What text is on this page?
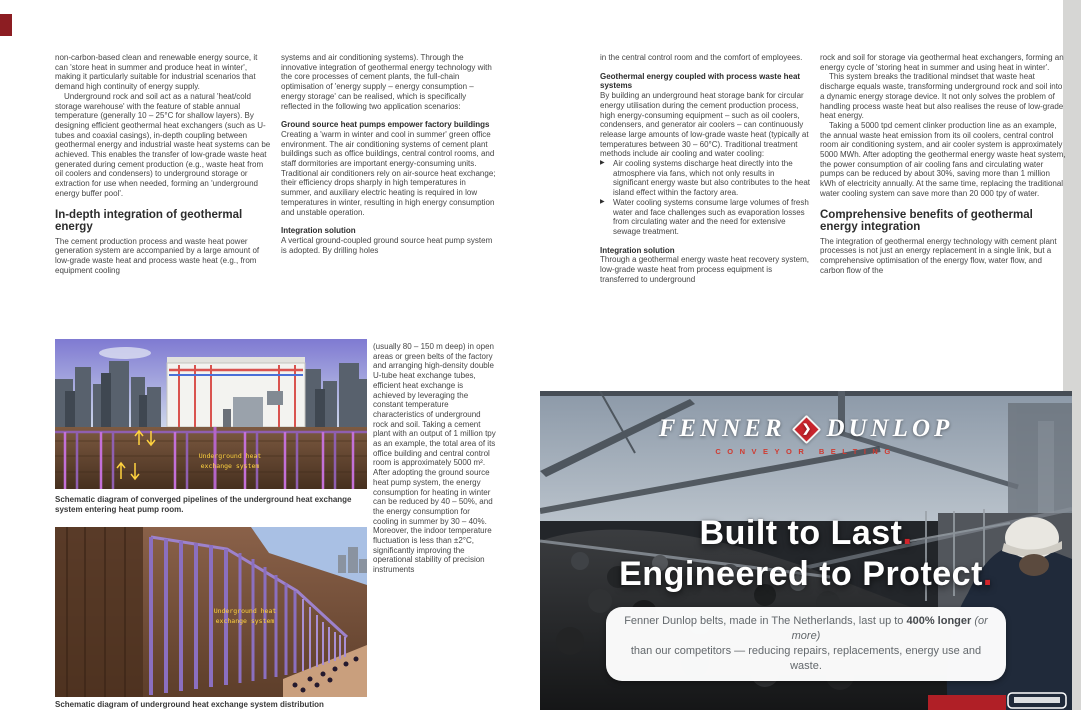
non-carbon-based clean and renewable energy source, it can 'store heat in summer and produce heat in winter', making it particularly suitable for industrial scenarios that demand high continuity of energy supply.

Underground rock and soil act as a natural 'heat/cold storage warehouse' with the feature of stable annual temperature (generally 10 – 25°C for shallow layers). By designing efficient geothermal heat exchangers (such as U-tubes and coaxial casings), in-depth coupling between geothermal energy and industrial waste heat systems can be achieved. This enables the transfer of low-grade waste heat generated during cement production (e.g., waste heat from oil coolers and condensers) to underground storage or extraction for use when needed, forming an 'underground energy buffer pool'.

In-depth integration of geothermal energy

The cement production process and waste heat power generation system are accompanied by a large amount of low-grade waste heat and process waste heat (e.g., from equipment cooling

Underground heat
exchange system
Schematic diagram of converged pipelines of the underground heat exchange system entering heat pump room.
Underground heat
exchange system
Schematic diagram of underground heat exchange system distribution

systems and air conditioning systems). Through the innovative integration of geothermal energy technology with the core processes of cement plants, the full-chain optimisation of 'energy supply – energy consumption – energy storage' can be realised, which is specifically reflected in the following two application scenarios:

Ground source heat pumps empower factory buildings

Creating a 'warm in winter and cool in summer' green office environment. The air conditioning systems of cement plant buildings such as office buildings, central control rooms, and staff dormitories are important energy-consuming units. Traditional air conditioners rely on air-source heat exchange; their efficiency drops sharply in high temperatures in summer, and auxiliary electric heating is required in low temperatures in winter, resulting in high energy consumption and unstable operation.

Integration solution

A vertical ground-coupled ground source heat pump system is adopted. By drilling holes

(usually 80 – 150 m deep) in open areas or green belts of the factory and arranging high-density double U-tube heat exchange tubes, efficient heat exchange is achieved by leveraging the constant temperature characteristics of underground rock and soil. Taking a cement plant with an output of 1 million tpy as an example, the total area of its office building and central control room is approximately 5000 m². After adopting the ground source heat pump system, the energy consumption for heating in winter can be reduced by 40 – 50%, and the energy consumption for cooling in summer by 30 – 40%. Moreover, the indoor temperature fluctuation is less than ±2°C, significantly improving the operational stability of precision instruments

in the central control room and the comfort of employees.

Geothermal energy coupled with process waste heat systems

By building an underground heat storage bank for circular energy utilisation during the cement production process, high energy-consuming equipment – such as oil coolers, condensers, and generator air coolers – can continuously release large amounts of low-grade waste heat (typically at temperatures between 30 – 60°C). Traditional treatment methods include air cooling and water cooling:

▶	Air cooling systems discharge heat directly into the atmosphere via fans, which not only results in significant energy waste but also contributes to the heat island effect within the factory area.
▶	Water cooling systems consume large volumes of fresh water and face challenges such as evaporation losses from circulating water and the need for extensive sewage treatment.
Integration solution

Through a geothermal energy waste heat recovery system, low-grade waste heat from process equipment is transferred to underground

rock and soil for storage via geothermal heat exchangers, forming an energy cycle of 'storing heat in summer and using heat in winter'.

This system breaks the traditional mindset that waste heat discharge equals waste, transforming underground rock and soil into a dynamic energy storage device. It not only solves the problem of handling process waste heat but also realises the reuse of low-grade heat energy.

Taking a 5000 tpd cement clinker production line as an example, the annual waste heat emission from its oil coolers, central control room air conditioning system, and air cooler system is approximately 5000 MWh. After adopting the geothermal energy waste heat system, the power consumption of air cooling fans and circulating water pumps can be reduced by about 30%, saving more than 1 million kWh of electricity annually. At the same time, replacing the traditional water cooling system can save more than 20 000 tpy of water.

Comprehensive benefits of geothermal energy integration

The integration of geothermal energy technology with cement plant processes is not just an energy replacement in a single link, but a comprehensive optimisation of the energy flow, water flow, and carbon flow of the

FENNER ❯ DUNLOP
CONVEYOR BELTING
Built to Last.
Engineered to Protect.
Fenner Dunlop belts, made in The Netherlands, last up to 400% longer (or more)
than our competitors — reducing repairs, replacements, energy use and waste.
